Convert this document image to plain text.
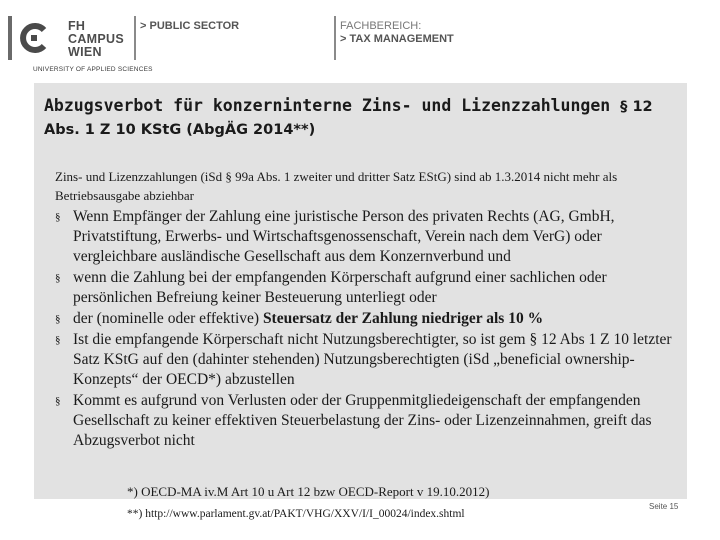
FH
CAMPUS
WIEN
UNIVERSITY OF APPLIED SCIENCES
> PUBLIC SECTOR	FACHBEREICH:
> TAX MANAGEMENT
Abzugsverbot für konzerninterne Zins- und Lizenzzahlungen § 12 Abs. 1 Z 10 KStG (AbgÄG 2014**)
Zins- und Lizenzzahlungen (iSd § 99a Abs. 1 zweiter und dritter Satz EStG) sind ab 1.3.2014 nicht mehr als Betriebsausgabe abziehbar
§ Wenn Empfänger der Zahlung eine juristische Person des privaten Rechts (AG, GmbH, Privatstiftung, Erwerbs- und Wirtschaftsgenossenschaft, Verein nach dem VerG) oder vergleichbare ausländische Gesellschaft aus dem Konzernverbund und
§ wenn die Zahlung bei der empfangenden Körperschaft aufgrund einer sachlichen oder persönlichen Befreiung keiner Besteuerung unterliegt oder
§ der (nominelle oder effektive) Steuersatz der Zahlung niedriger als 10 %
§ Ist die empfangende Körperschaft nicht Nutzungsberechtigter, so ist gem § 12 Abs 1 Z 10 letzter Satz KStG auf den (dahinter stehenden) Nutzungsberechtigten (iSd „beneficial ownership-Konzepts“ der OECD*) abzustellen
§ Kommt es aufgrund von Verlusten oder der Gruppenmitgliedeigenschaft der empfangenden Gesellschaft zu keiner effektiven Steuerbelastung der Zins- oder Lizenzeinnahmen, greift das Abzugsverbot nicht
*) OECD-MA iv.M Art 10 u Art 12 bzw OECD-Report v 19.10.2012)
**) http://www.parlament.gv.at/PAKT/VHG/XXV/I/I_00024/index.shtml
Seite 15
